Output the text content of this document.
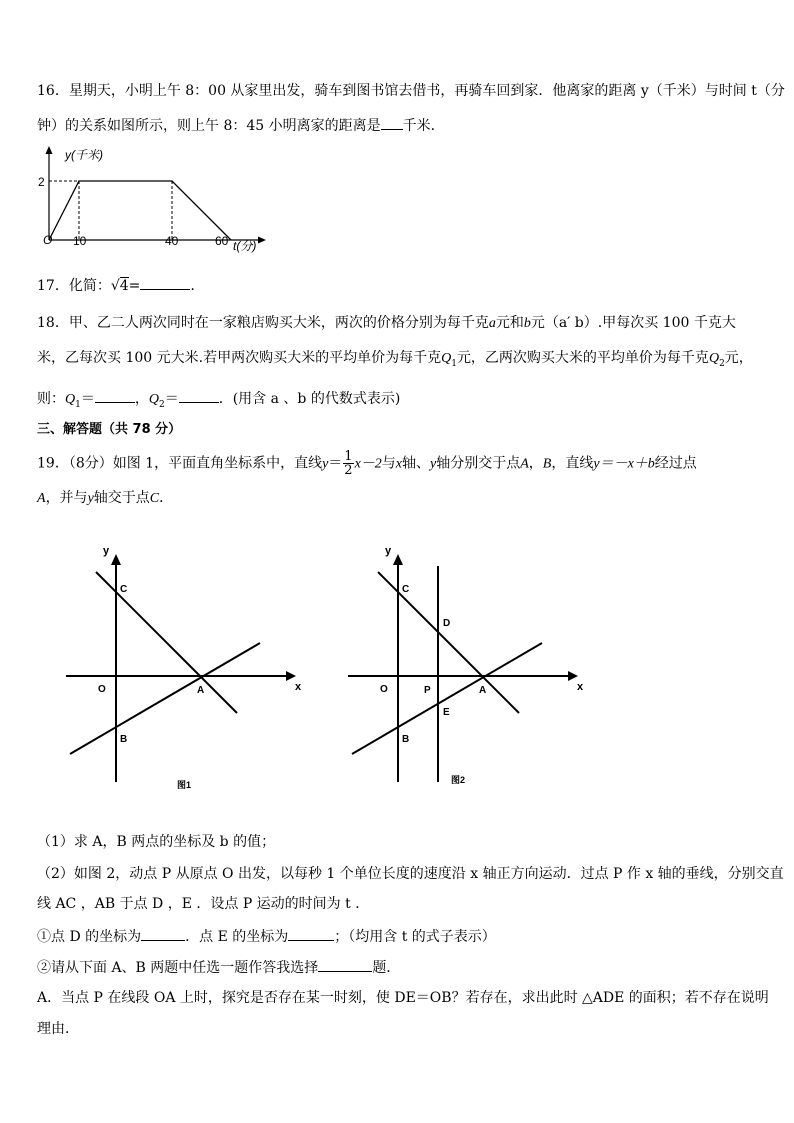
16．星期天，小明上午 8：00 从家里出发，骑车到图书馆去借书，再骑车回到家．他离家的距离 y（千米）与时间 t（分
钟）的关系如图所示，则上午 8：45 小明离家的距离是 千米．
y(千米)
2
O 10	40	60 t(分)
17．化简：√4=	.
18．甲、乙二人两次同时在一家粮店购买大米，两次的价格分别为每千克a元和b元（a′ b）.甲每次买 100 千克大
米，乙每次买 100 元大米.若甲两次购买大米的平均单价为每千克$Q_1$元，乙两次购买大米的平均单价为每千克$Q_2$元，
则：$Q_1=$	，$Q_2=$	．(用含 a 、b 的代数式表示)
三、解答题（共 78 分）
19．（8分）如图 1，平面直角坐标系中，直线$y= \frac{1}{2} x-2$与x轴、y轴分别交于点A，B，直线y＝－x＋b经过点
A，并与y轴交于点C．
y
x
C
O	A
B
图1
y
x
C
D
O	P	A
E
B
图2
（1）求 A，B 两点的坐标及 b 的值；
（2）如图 2，动点 P 从原点 O 出发，以每秒 1 个单位长度的速度沿 x 轴正方向运动．过点 P 作 x 轴的垂线，分别交直
线 AC ，AB 于点 D ，E ．设点 P 运动的时间为 t ．
①点 D 的坐标为	．点 E 的坐标为	；（均用含 t 的式子表示）
②请从下面 A、B 两题中任选一题作答我选择	题．
A．当点 P 在线段 OA 上时，探究是否存在某一时刻，使 DE＝OB？若存在，求出此时 △ADE 的面积；若不存在说明
理由．
